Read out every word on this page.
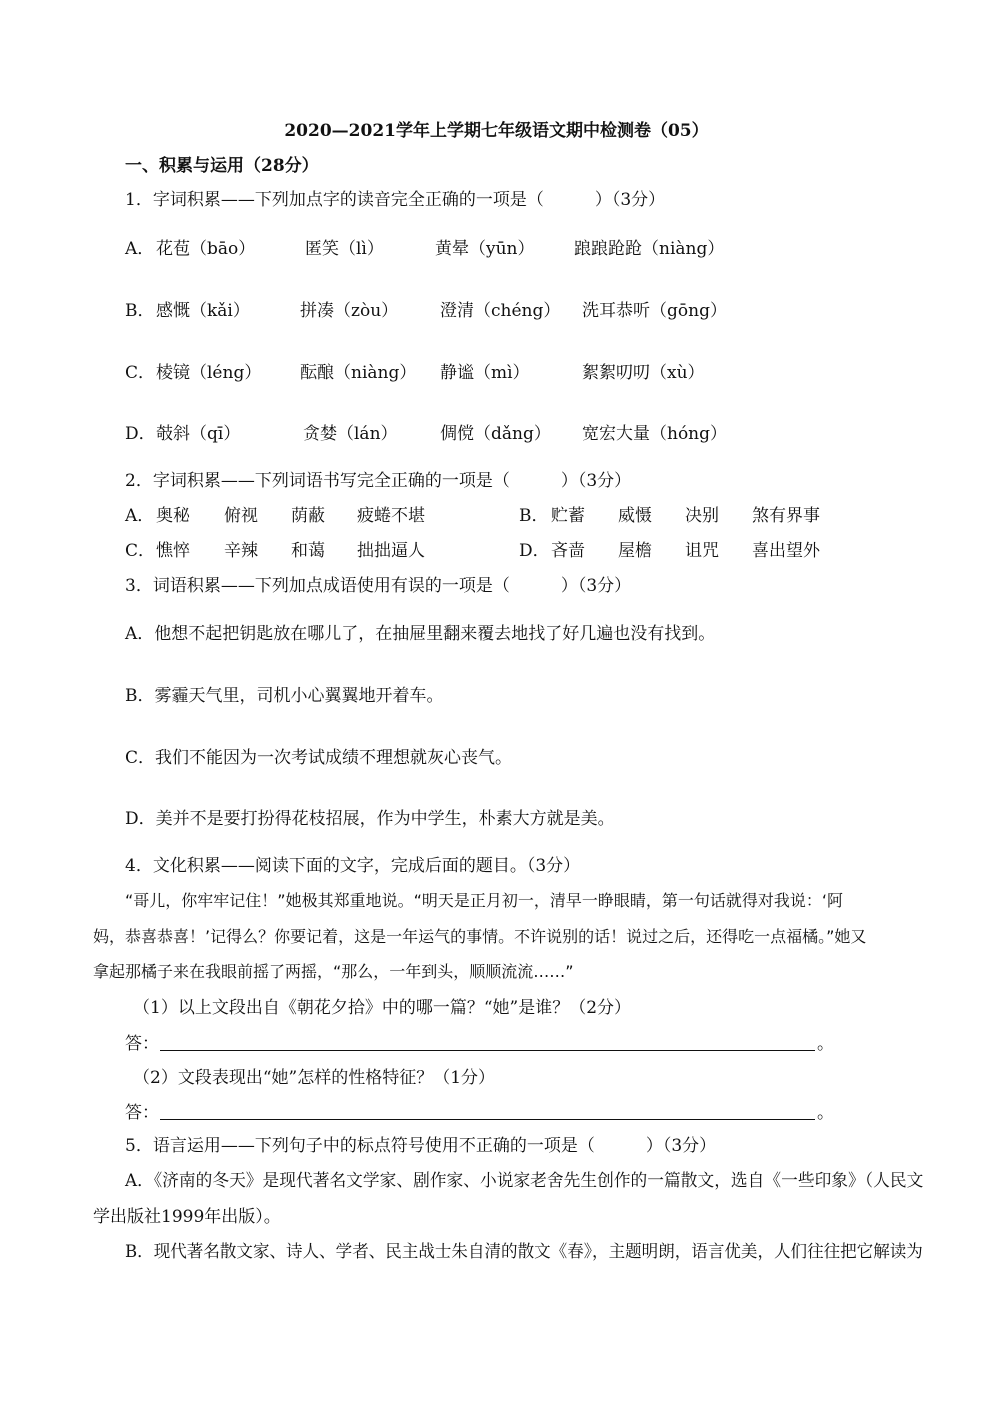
2020—2021学年上学期七年级语文期中检测卷（05）
一、积累与运用（28分）
1．字词积累——下列加点字的读音完全正确的一项是（　　　）（3分）
A． 花苞（bāo）	匿笑（lì）	黄晕（yūn） 踉踉跄跄（niàng）
B． 感慨（kǎi）	拼凑（zòu） 澄清（chéng） 洗耳恭听（gōng）
C． 棱镜（léng） 酝酿（niàng） 静谧（mì）	絮絮叨叨（xù）
D． 攲斜（qī）	贪婪（lán） 倜傥（dǎng） 宽宏大量（hóng）
2．字词积累——下列词语书写完全正确的一项是（　　　）（3分）
A． 奥秘 俯视 荫蔽 疲蜷不堪	B． 贮蓄 威慑 决别 煞有界事
C． 憔悴 辛辣 和蔼 拙拙逼人	D． 吝啬 屋檐 诅咒 喜出望外
3．词语积累——下列加点成语使用有误的一项是（　　　）（3分）
A．他想不起把钥匙放在哪儿了，在抽屉里翻来覆去地找了好几遍也没有找到。
B．雾霾天气里，司机小心翼翼地开着车。
C．我们不能因为一次考试成绩不理想就灰心丧气。
D．美并不是要打扮得花枝招展，作为中学生，朴素大方就是美。
4．文化积累——阅读下面的文字，完成后面的题目。（3分）
“哥儿，你牢牢记住！”她极其郑重地说。“明天是正月初一，清早一睁眼睛，第一句话就得对我说：‘阿
妈，恭喜恭喜！’记得么？你要记着，这是一年运气的事情。不许说别的话！说过之后，还得吃一点福橘。”她又
拿起那橘子来在我眼前摇了两摇，“那么，一年到头，顺顺流流……”
（1）以上文段出自《朝花夕拾》中的哪一篇？“她”是谁？（2分）
答：	。
（2）文段表现出“她”怎样的性格特征？（1分）
答：	。
5．语言运用——下列句子中的标点符号使用不正确的一项是（　　　）（3分）
A．《济南的冬天》是现代著名文学家、剧作家、小说家老舍先生创作的一篇散文，选自《一些印象》（人民文
学出版社1999年出版）。
B．现代著名散文家、诗人、学者、民主战士朱自清的散文《春》，主题明朗，语言优美，人们往往把它解读为
